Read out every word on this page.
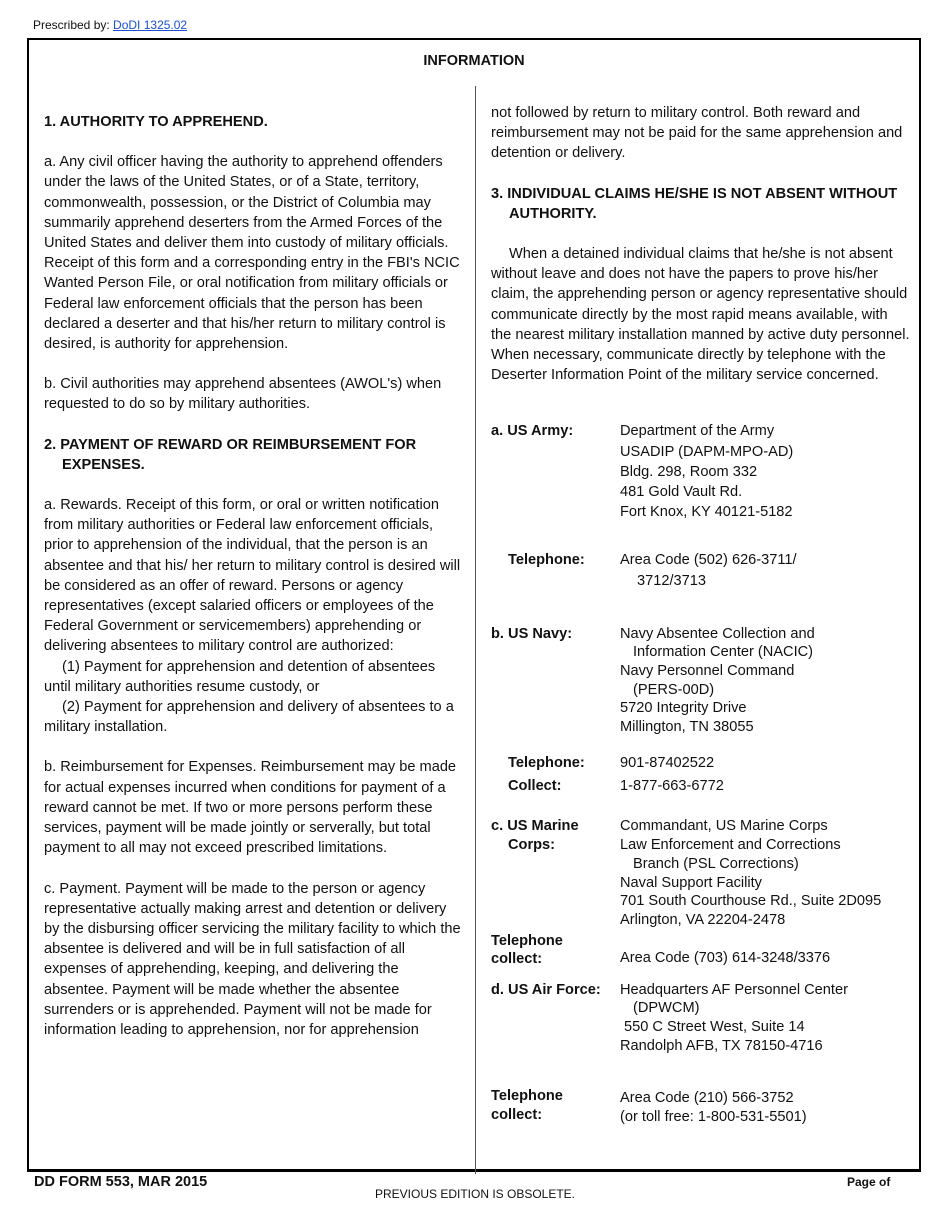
Prescribed by: DoDI 1325.02
INFORMATION

1. AUTHORITY TO APPREHEND.

a. Any civil officer having the authority to apprehend offenders under the laws of the United States, or of a State, territory, commonwealth, possession, or the District of Columbia may summarily apprehend deserters from the Armed Forces of the United States and deliver them into custody of military officials. Receipt of this form and a corresponding entry in the FBI's NCIC Wanted Person File, or oral notification from military officials or Federal law enforcement officials that the person has been declared a deserter and that his/her return to military control is desired, is authority for apprehension.

b. Civil authorities may apprehend absentees (AWOL's) when requested to do so by military authorities.

2. PAYMENT OF REWARD OR REIMBURSEMENT FOR EXPENSES.

a. Rewards. Receipt of this form, or oral or written notification from military authorities or Federal law enforcement officials, prior to apprehension of the individual, that the person is an absentee and that his/ her return to military control is desired will be considered as an offer of reward. Persons or agency representatives (except salaried officers or employees of the Federal Government or servicemembers) apprehending or delivering absentees to military control are authorized:

(1) Payment for apprehension and detention of absentees until military authorities resume custody, or

(2) Payment for apprehension and delivery of absentees to a military installation.

b. Reimbursement for Expenses. Reimbursement may be made for actual expenses incurred when conditions for payment of a reward cannot be met. If two or more persons perform these services, payment will be made jointly or serverally, but total payment to all may not exceed prescribed limitations.

c. Payment. Payment will be made to the person or agency representative actually making arrest and detention or delivery by the disbursing officer servicing the military facility to which the absentee is delivered and will be in full satisfaction of all expenses of apprehending, keeping, and delivering the absentee. Payment will be made whether the absentee surrenders or is apprehended. Payment will not be made for information leading to apprehension, nor for apprehension

not followed by return to military control. Both reward and reimbursement may not be paid for the same apprehension and detention or delivery.

3. INDIVIDUAL CLAIMS HE/SHE IS NOT ABSENT WITHOUT AUTHORITY.

When a detained individual claims that he/she is not absent without leave and does not have the papers to prove his/her claim, the apprehending person or agency representative should communicate directly by the most rapid means available, with the nearest military installation manned by active duty personnel. When necessary, communicate directly by telephone with the Deserter Information Point of the military service concerned.

a. US Army:	Department of the Army
USADIP (DAPM-MPO-AD)
Bldg. 298, Room 332
481 Gold Vault Rd.
Fort Knox, KY 40121-5182
Telephone:	Area Code (502) 626-3711/
3712/3713
b. US Navy:	Navy Absentee Collection and
Information Center (NACIC)
Navy Personnel Command
(PERS-00D)
5720 Integrity Drive
Millington, TN 38055
Telephone:	901-87402522
Collect:	1-877-663-6772
c. US Marine
Corps:
Commandant, US Marine Corps
Law Enforcement and Corrections
Branch (PSL Corrections)
Naval Support Facility
701 South Courthouse Rd., Suite 2D095
Arlington, VA 22204-2478
Telephone
collect:	Area Code (703) 614-3248/3376
d. US Air Force:	Headquarters AF Personnel Center
(DPWCM)
550 C Street West, Suite 14
Randolph AFB, TX 78150-4716
Telephone
collect:
Area Code (210) 566-3752
(or toll free: 1-800-531-5501)
DD FORM 553, MAR 2015
PREVIOUS EDITION IS OBSOLETE.
Page of
